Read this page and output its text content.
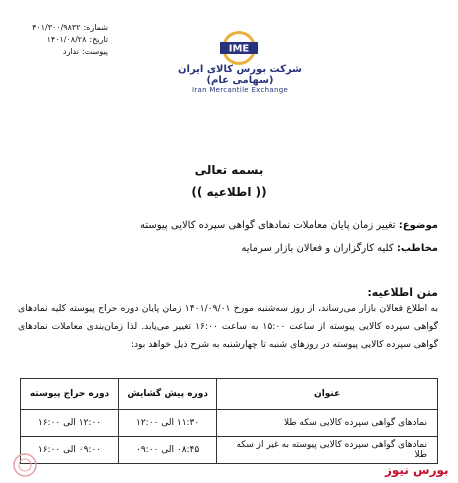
شماره:
۴۰۱/۳۰۰/۹۸۳۲
تاریخ:
۱۴۰۱/۰۸/۲۸
پیوست:
ندارد	IME
شرکت بورس کالای ایران (سهامی عام)
Iran Mercantile Exchange
بسمه تعالی
(( اطلاعیه ))
موضوع: تغییر زمان پایان معاملات نمادهای گواهی سپرده کالایی پیوسته
مخاطب: کلیه کارگزاران و فعالان بازار سرمایه
متن اطلاعیه:
به اطلاع فعالان بازار می‌رساند، از روز سه‌شنبه مورخ ۱۴۰۱/۰۹/۰۱ زمان پایان دوره حراج پیوسته کلیه نمادهای گواهی سپرده کالایی پیوسته از ساعت ۱۵:۰۰ به ساعت ۱۶:۰۰ تغییر می‌یابد. لذا زمان‌بندی معاملات نمادهای گواهی سپرده کالایی پیوسته در روزهای شنبه تا چهارشنبه به شرح ذیل خواهد بود:
عنوان	دوره پیش گشایش	دوره حراج پیوسته
نمادهای گواهی سپرده کالایی سکه طلا	۱۱:۳۰ الی ۱۲:۰۰	۱۲:۰۰ الی ۱۶:۰۰
نمادهای گواهی سپرده کالایی پیوسته به غیر از سکه طلا	۰۸:۴۵ الی ۰۹:۰۰	۰۹:۰۰ الی ۱۶:۰۰
بورس نیوز
